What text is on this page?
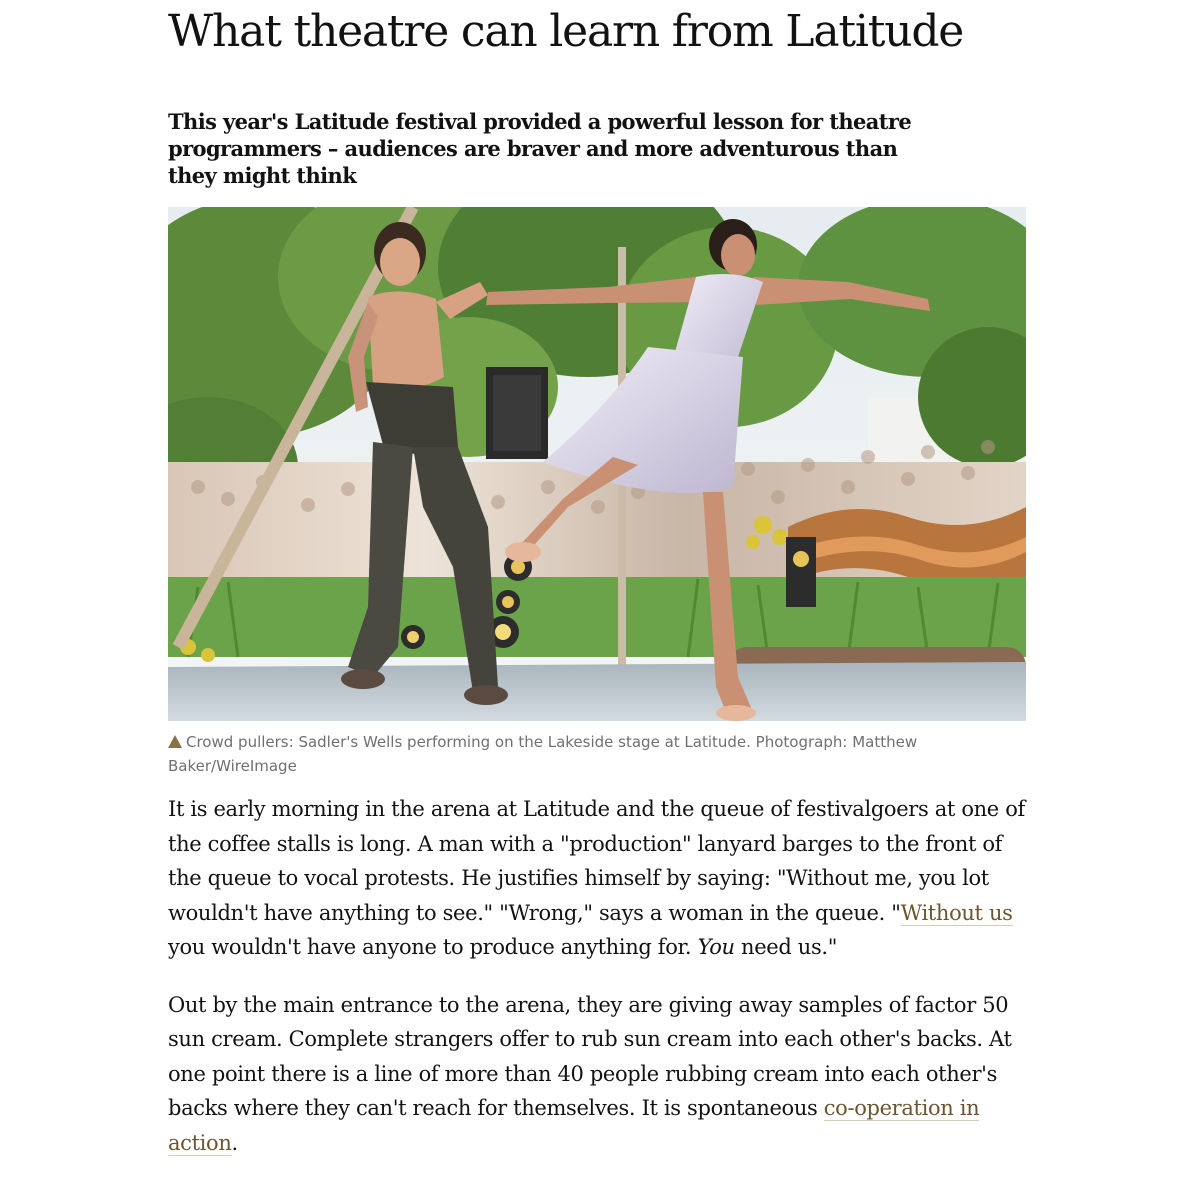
What theatre can learn from Latitude
This year's Latitude festival provided a powerful lesson for theatre programmers – audiences are braver and more adventurous than they might think
Crowd pullers: Sadler's Wells performing on the Lakeside stage at Latitude. Photograph: Matthew Baker/WireImage

It is early morning in the arena at Latitude and the queue of festivalgoers at one of the coffee stalls is long. A man with a "production" lanyard barges to the front of the queue to vocal protests. He justifies himself by saying: "Without me, you lot wouldn't have anything to see." "Wrong," says a woman in the queue. "Without us you wouldn't have anyone to produce anything for. You need us."

Out by the main entrance to the arena, they are giving away samples of factor 50 sun cream. Complete strangers offer to rub sun cream into each other's backs. At one point there is a line of more than 40 people rubbing cream into each other's backs where they can't reach for themselves. It is spontaneous co-operation in action.
